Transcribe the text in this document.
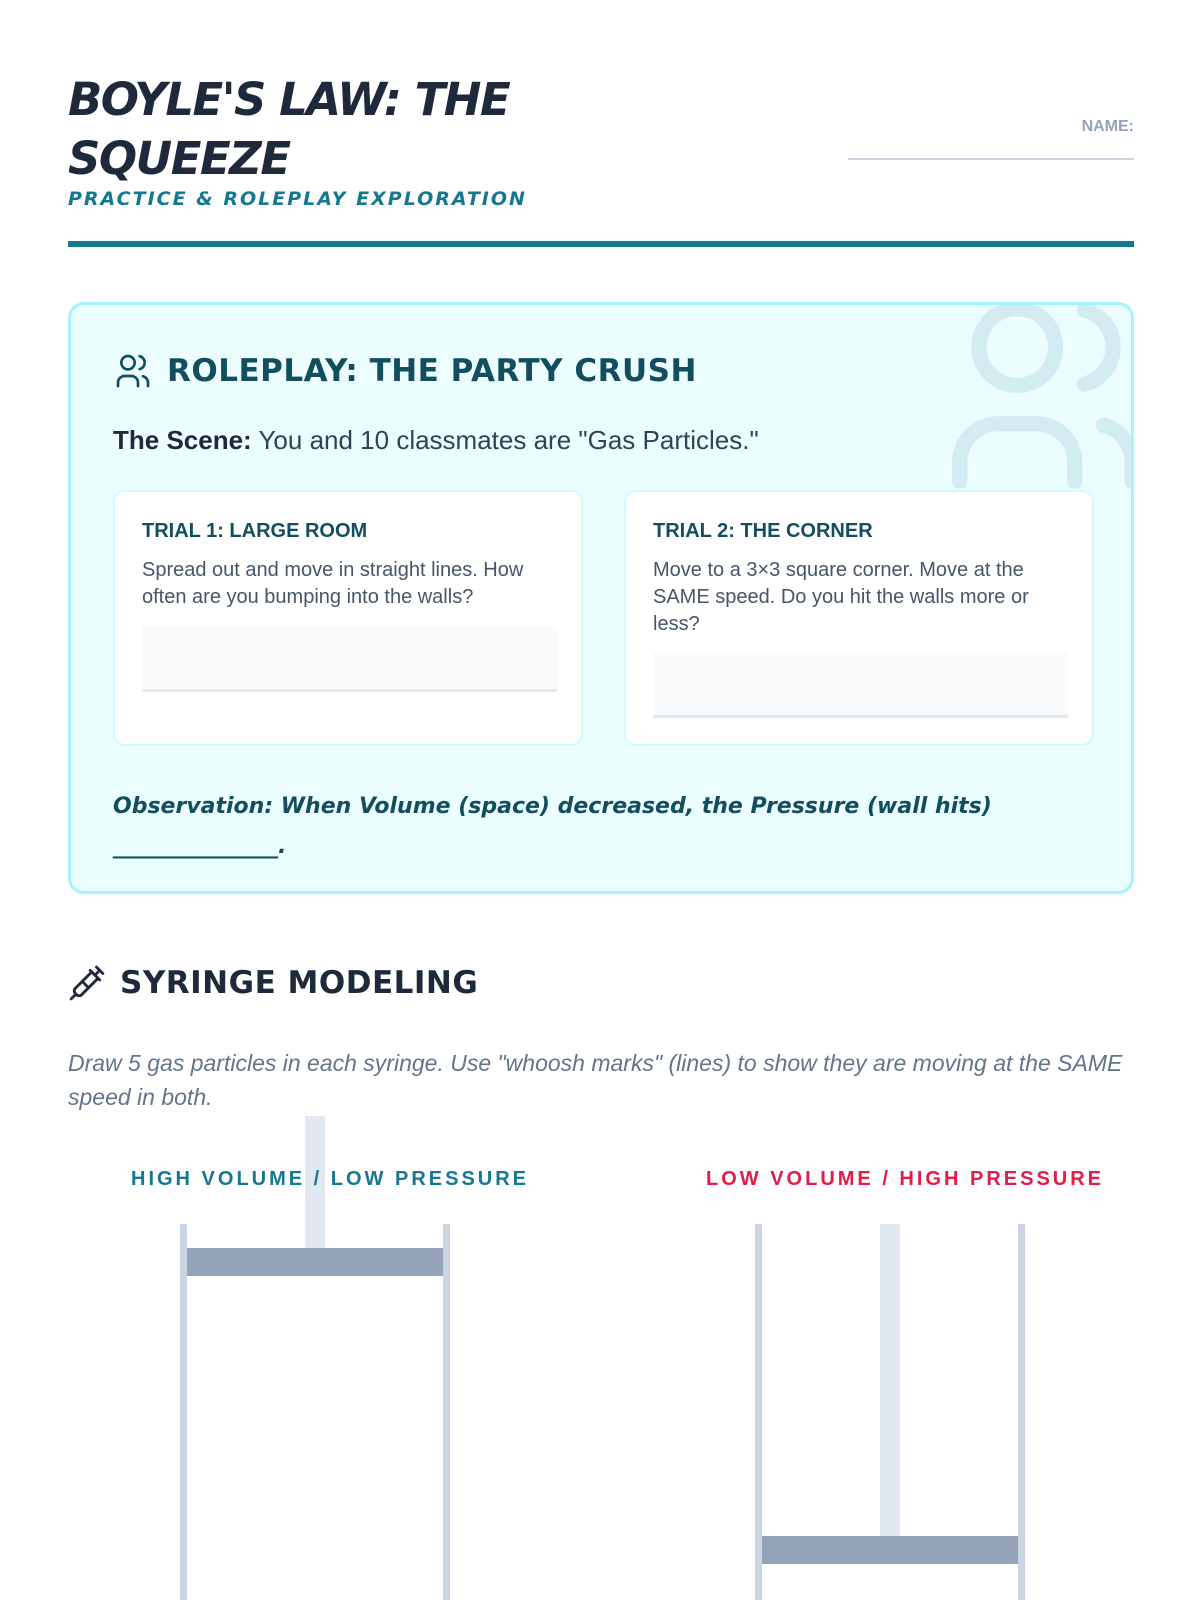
BOYLE'S LAW: THE SQUEEZE
PRACTICE & ROLEPLAY EXPLORATION
NAME:
ROLEPLAY: THE PARTY CRUSH
The Scene: You and 10 classmates are "Gas Particles."
TRIAL 1: LARGE ROOM
Spread out and move in straight lines. How often are you bumping into the walls?
TRIAL 2: THE CORNER
Move to a 3×3 square corner. Move at the SAME speed. Do you hit the walls more or less?
Observation: When Volume (space) decreased, the Pressure (wall hits) _______________.
SYRINGE MODELING
Draw 5 gas particles in each syringe. Use "whoosh marks" (lines) to show they are moving at the SAME speed in both.
HIGH VOLUME / LOW PRESSURE	LOW VOLUME / HIGH PRESSURE
